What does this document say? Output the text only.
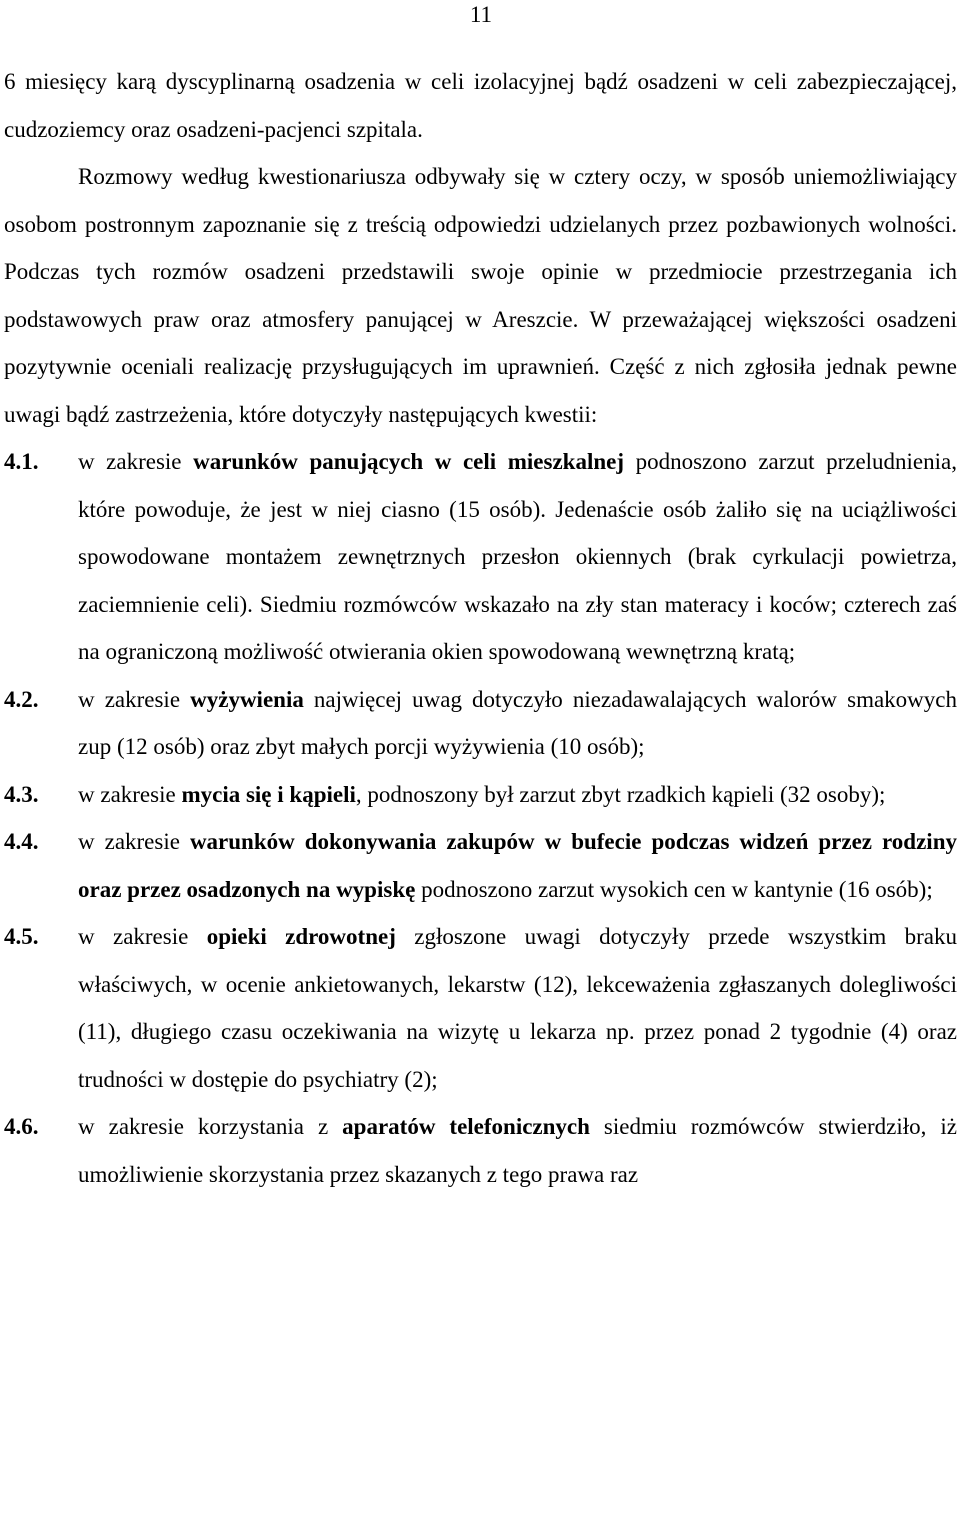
11

6 miesięcy karą dyscyplinarną osadzenia w celi izolacyjnej bądź osadzeni w celi zabezpieczającej, cudzoziemcy oraz osadzeni-pacjenci szpitala.

Rozmowy według kwestionariusza odbywały się w cztery oczy, w sposób uniemożliwiający osobom postronnym zapoznanie się z treścią odpowiedzi udzielanych przez pozbawionych wolności. Podczas tych rozmów osadzeni przedstawili swoje opinie w przedmiocie przestrzegania ich podstawowych praw oraz atmosfery panującej w Areszcie. W przeważającej większości osadzeni pozytywnie oceniali realizację przysługujących im uprawnień. Część z nich zgłosiła jednak pewne uwagi bądź zastrzeżenia, które dotyczyły następujących kwestii:

4.1.	w zakresie warunków panujących w celi mieszkalnej podnoszono zarzut przeludnienia, które powoduje, że jest w niej ciasno (15 osób). Jedenaście osób żaliło się na uciążliwości spowodowane montażem zewnętrznych przesłon okiennych (brak cyrkulacji powietrza, zaciemnienie celi). Siedmiu rozmówców wskazało na zły stan materacy i koców; czterech zaś na ograniczoną możliwość otwierania okien spowodowaną wewnętrzną kratą;
4.2.	w zakresie wyżywienia najwięcej uwag dotyczyło niezadawalających walorów smakowych zup (12 osób) oraz zbyt małych porcji wyżywienia (10 osób);
4.3.	w zakresie mycia się i kąpieli, podnoszony był zarzut zbyt rzadkich kąpieli (32 osoby);
4.4.	w zakresie warunków dokonywania zakupów w bufecie podczas widzeń przez rodziny oraz przez osadzonych na wypiskę podnoszono zarzut wysokich cen w kantynie (16 osób);
4.5.	w zakresie opieki zdrowotnej zgłoszone uwagi dotyczyły przede wszystkim braku właściwych, w ocenie ankietowanych, lekarstw (12), lekceważenia zgłaszanych dolegliwości (11), długiego czasu oczekiwania na wizytę u lekarza np. przez ponad 2 tygodnie (4) oraz trudności w dostępie do psychiatry (2);
4.6.	w zakresie korzystania z aparatów telefonicznych siedmiu rozmówców stwierdziło, iż umożliwienie skorzystania przez skazanych z tego prawa raz
